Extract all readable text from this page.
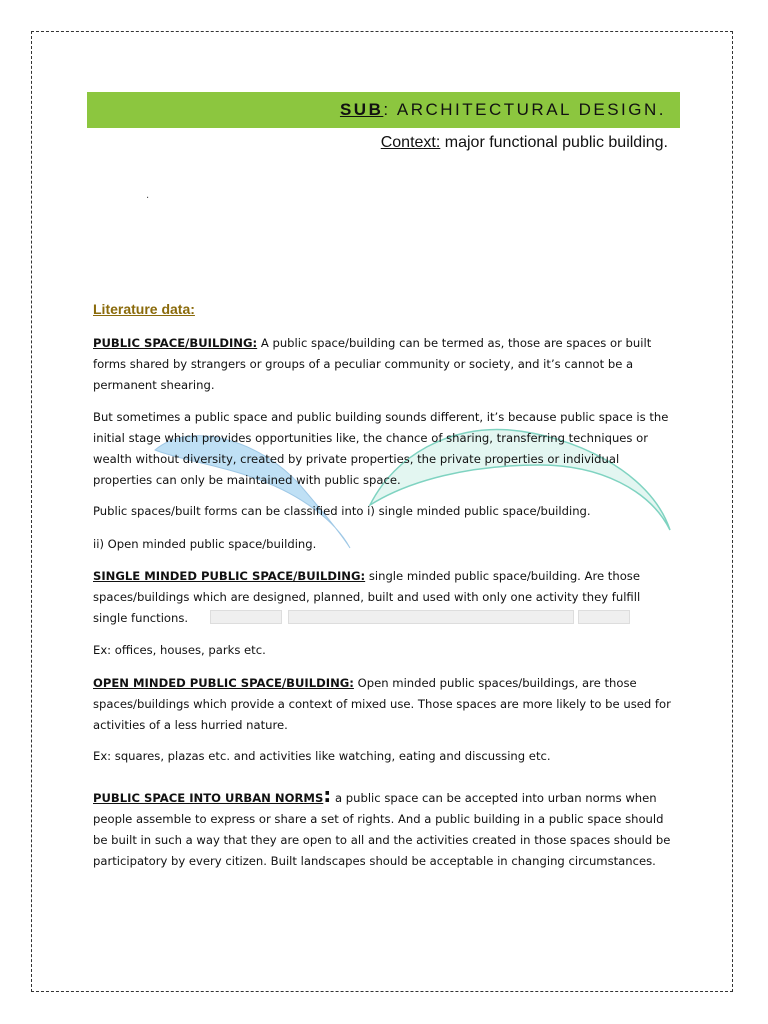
SUB: ARCHITECTURAL DESIGN.
Context: major functional public building.
.
Literature data:
PUBLIC SPACE/BUILDING: A public space/building can be termed as, those are spaces or built forms shared by strangers or groups of a peculiar community or society, and it’s cannot be a permanent shearing.
But sometimes a public space and public building sounds different, it’s because public space is the initial stage which provides opportunities like, the chance of sharing, transferring techniques or wealth without diversity, created by private properties, the private properties or individual properties can only be maintained with public space.
Public spaces/built forms can be classified into i) single minded public space/building.
ii) Open minded public space/building.
SINGLE MINDED PUBLIC SPACE/BUILDING: single minded public space/building. Are those spaces/buildings which are designed, planned, built and used with only one activity they fulfill single functions.
Ex: offices, houses, parks etc.
OPEN MINDED PUBLIC SPACE/BUILDING: Open minded public spaces/buildings, are those spaces/buildings which provide a context of mixed use. Those spaces are more likely to be used for activities of a less hurried nature.
Ex: squares, plazas etc. and activities like watching, eating and discussing etc.
PUBLIC SPACE INTO URBAN NORMS: a public space can be accepted into urban norms when people assemble to express or share a set of rights. And a public building in a public space should be built in such a way that they are open to all and the activities created in those spaces should be participatory by every citizen. Built landscapes should be acceptable in changing circumstances.
